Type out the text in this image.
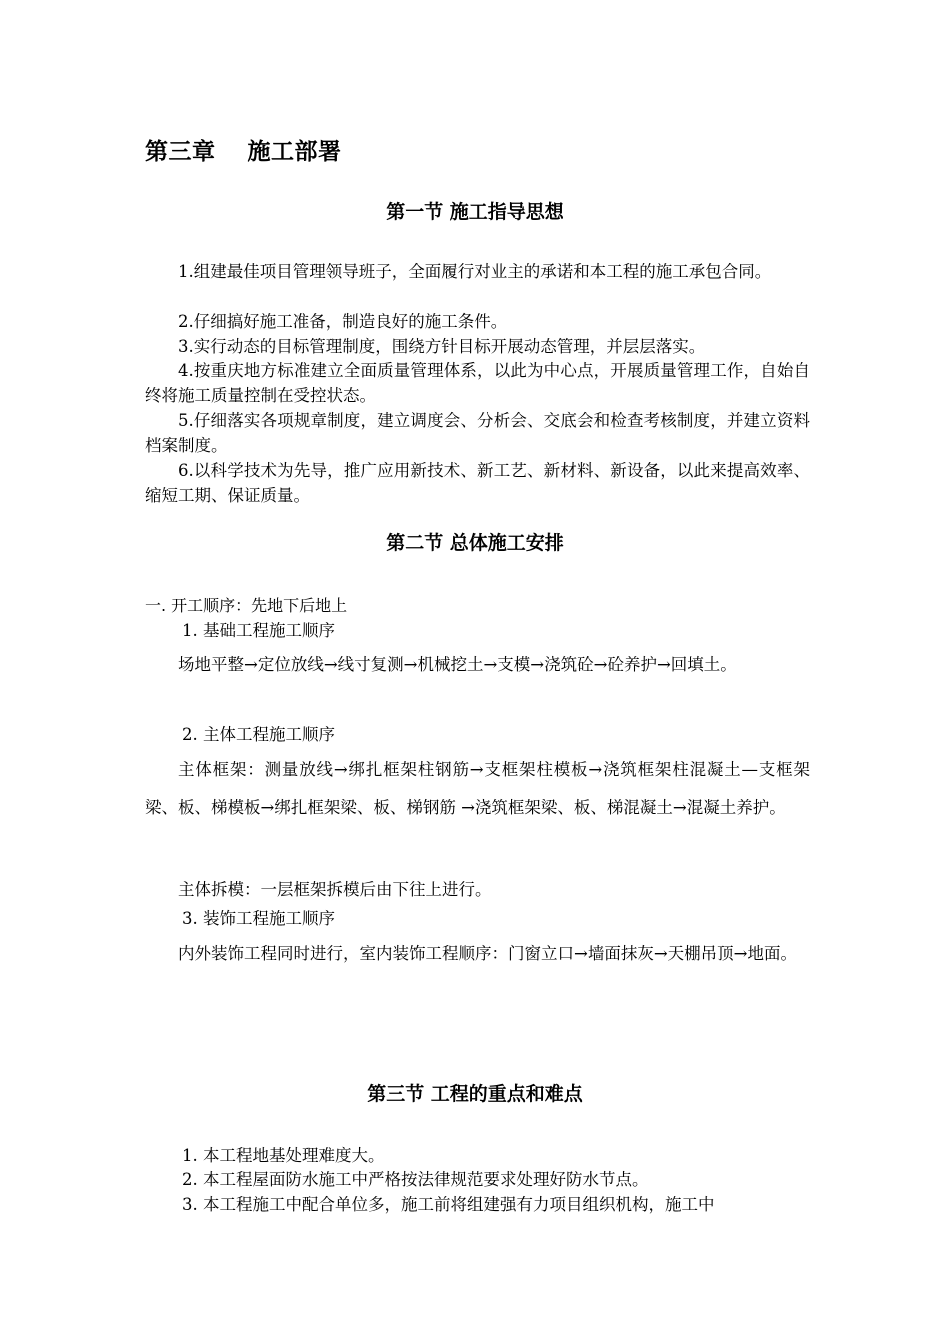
第三章　 施工部署
第一节 施工指导思想

1.组建最佳项目管理领导班子，全面履行对业主的承诺和本工程的施工承包合同。

2.仔细搞好施工准备，制造良好的施工条件。

3.实行动态的目标管理制度，围绕方针目标开展动态管理，并层层落实。

4.按重庆地方标准建立全面质量管理体系，以此为中心点，开展质量管理工作，自始自终将施工质量控制在受控状态。

5.仔细落实各项规章制度，建立调度会、分析会、交底会和检查考核制度，并建立资料档案制度。

6.以科学技术为先导，推广应用新技术、新工艺、新材料、新设备，以此来提高效率、缩短工期、保证质量。

第二节 总体施工安排
一. 开工顺序：先地下后地上
1. 基础工程施工顺序

场地平整→定位放线→线寸复测→机械挖土→支模→浇筑砼→砼养护→回填土。

2. 主体工程施工顺序

主体框架：测量放线→绑扎框架柱钢筋→支框架柱模板→浇筑框架柱混凝土—支框架梁、板、梯模板→绑扎框架梁、板、梯钢筋 →浇筑框架梁、板、梯混凝土→混凝土养护。

主体拆模：一层框架拆模后由下往上进行。

3. 装饰工程施工顺序

内外装饰工程同时进行，室内装饰工程顺序：门窗立口→墙面抹灰→天棚吊顶→地面。

第三节 工程的重点和难点
1. 本工程地基处理难度大。
2. 本工程屋面防水施工中严格按法律规范要求处理好防水节点。
3. 本工程施工中配合单位多，施工前将组建强有力项目组织机构，施工中
